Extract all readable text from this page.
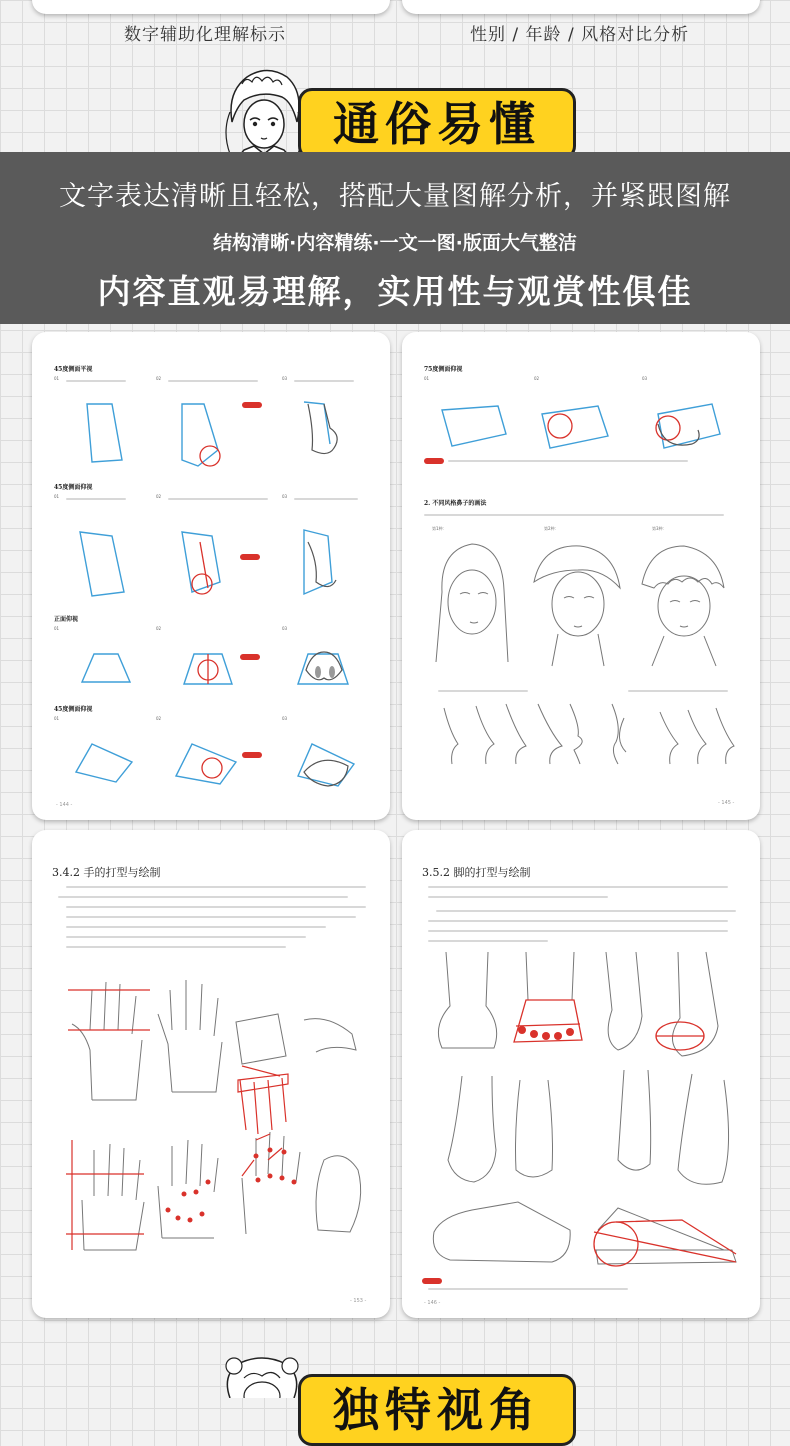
数字辅助化理解标示	性别 / 年龄 / 风格对比分析
通俗易懂
文字表达清晰且轻松，搭配大量图解分析，并紧跟图解
结构清晰·内容精练·一文一图·版面大气整洁
内容直观易理解，实用性与观赏性俱佳
45度侧面平视
45度侧面仰视
正面仰视
45度侧面仰视
01	02	03
01	02	03
01	02	03
01	02	03
- 144 -
75度侧面仰视
01	02	03
2. 不同风格鼻子的画法
第1种：	第2种：	第3种：
- 145 -
3.4.2 手的打型与绘制
- 153 -
3.5.2 脚的打型与绘制
- 146 -
独特视角
